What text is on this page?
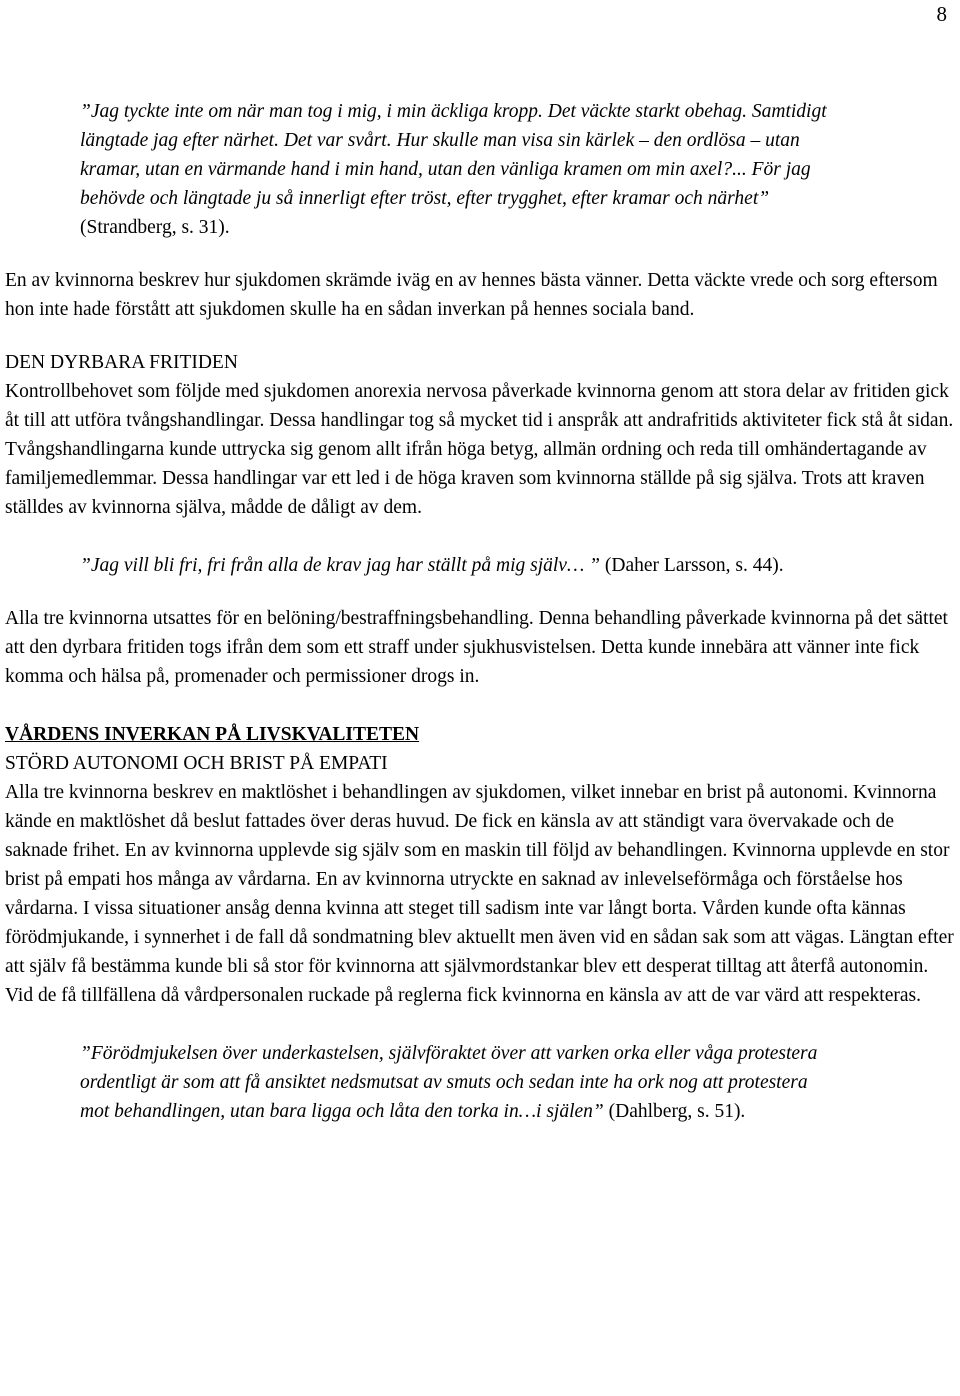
8

”Jag tyckte inte om när man tog i mig, i min äckliga kropp. Det väckte starkt obehag. Samtidigt längtade jag efter närhet. Det var svårt. Hur skulle man visa sin kärlek – den ordlösa – utan kramar, utan en värmande hand i min hand, utan den vänliga kramen om min axel?... För jag behövde och längtade ju så innerligt efter tröst, efter trygghet, efter kramar och närhet” (Strandberg, s. 31).

En av kvinnorna beskrev hur sjukdomen skrämde iväg en av hennes bästa vänner. Detta väckte vrede och sorg eftersom hon inte hade förstått att sjukdomen skulle ha en sådan inverkan på hennes sociala band.

DEN DYRBARA FRITIDEN

Kontrollbehovet som följde med sjukdomen anorexia nervosa påverkade kvinnorna genom att stora delar av fritiden gick åt till att utföra tvångshandlingar. Dessa handlingar tog så mycket tid i anspråk att andrafritids aktiviteter fick stå åt sidan. Tvångshandlingarna kunde uttrycka sig genom allt ifrån höga betyg, allmän ordning och reda till omhändertagande av familjemedlemmar. Dessa handlingar var ett led i de höga kraven som kvinnorna ställde på sig själva. Trots att kraven ställdes av kvinnorna själva, mådde de dåligt av dem.

”Jag vill bli fri, fri från alla de krav jag har ställt på mig själv… ” (Daher Larsson, s. 44).

Alla tre kvinnorna utsattes för en belöning/bestraffningsbehandling. Denna behandling påverkade kvinnorna på det sättet att den dyrbara fritiden togs ifrån dem som ett straff under sjukhusvistelsen. Detta kunde innebära att vänner inte fick komma och hälsa på, promenader och permissioner drogs in.

VÅRDENS INVERKAN PÅ LIVSKVALITETEN

STÖRD AUTONOMI OCH BRIST PÅ EMPATI

Alla tre kvinnorna beskrev en maktlöshet i behandlingen av sjukdomen, vilket innebar en brist på autonomi. Kvinnorna kände en maktlöshet då beslut fattades över deras huvud. De fick en känsla av att ständigt vara övervakade och de saknade frihet. En av kvinnorna upplevde sig själv som en maskin till följd av behandlingen. Kvinnorna upplevde en stor brist på empati hos många av vårdarna. En av kvinnorna utryckte en saknad av inlevelseförmåga och förståelse hos vårdarna. I vissa situationer ansåg denna kvinna att steget till sadism inte var långt borta. Vården kunde ofta kännas förödmjukande, i synnerhet i de fall då sondmatning blev aktuellt men även vid en sådan sak som att vägas. Längtan efter att själv få bestämma kunde bli så stor för kvinnorna att självmordstankar blev ett desperat tilltag att återfå autonomin. Vid de få tillfällena då vårdpersonalen ruckade på reglerna fick kvinnorna en känsla av att de var värd att respekteras.

”Förödmjukelsen över underkastelsen, självföraktet över att varken orka eller våga protestera ordentligt är som att få ansiktet nedsmutsat av smuts och sedan inte ha ork nog att protestera mot behandlingen, utan bara ligga och låta den torka in…i själen” (Dahlberg, s. 51).
